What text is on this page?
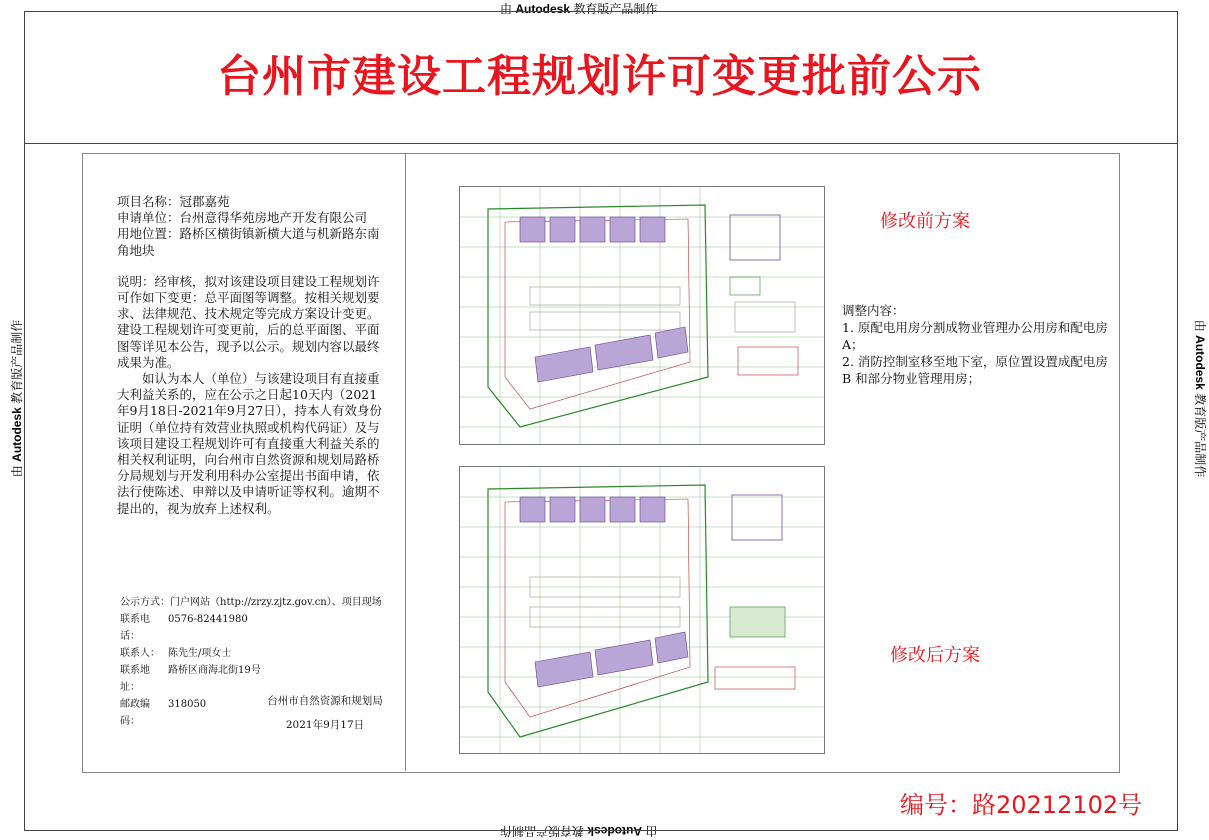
由 Autodesk 教育版产品制作
由 Autodesk 教育版产品制作
由 Autodesk 教育版产品制作	由 Autodesk 教育版产品制作
台州市建设工程规划许可变更批前公示

项目名称：冠郡嘉苑

申请单位：台州意得华苑房地产开发有限公司

用地位置：路桥区横街镇新横大道与机新路东南角地块

说明：经审核，拟对该建设项目建设工程规划许可作如下变更：总平面图等调整。按相关规划要求、法律规范、技术规定等完成方案设计变更。建设工程规划许可变更前，后的总平面图、平面图等详见本公告，现予以公示。规划内容以最终成果为准。

如认为本人（单位）与该建设项目有直接重大利益关系的，应在公示之日起10天内（2021年9月18日-2021年9月27日），持本人有效身份证明（单位持有效营业执照或机构代码证）及与该项目建设工程规划许可有直接重大利益关系的相关权利证明，向台州市自然资源和规划局路桥分局规划与开发利用科办公室提出书面申请，依法行使陈述、申辩以及申请听证等权利。逾期不提出的，视为放弃上述权利。

公示方式：门户网站（http://zrzy.zjtz.gov.cn）、项目现场
联系电话：
0576-82441980
联系人： 陈先生/项女士
联系地址：
路桥区商海北街19号
邮政编码：
318050	台州市自然资源和规划局
2021年9月17日
修改前方案
修改后方案

调整内容：

1. 原配电用房分割成物业管理办公用房和配电房A；

2. 消防控制室移至地下室，原位置设置成配电房B 和部分物业管理用房；

编号：路20212102号
